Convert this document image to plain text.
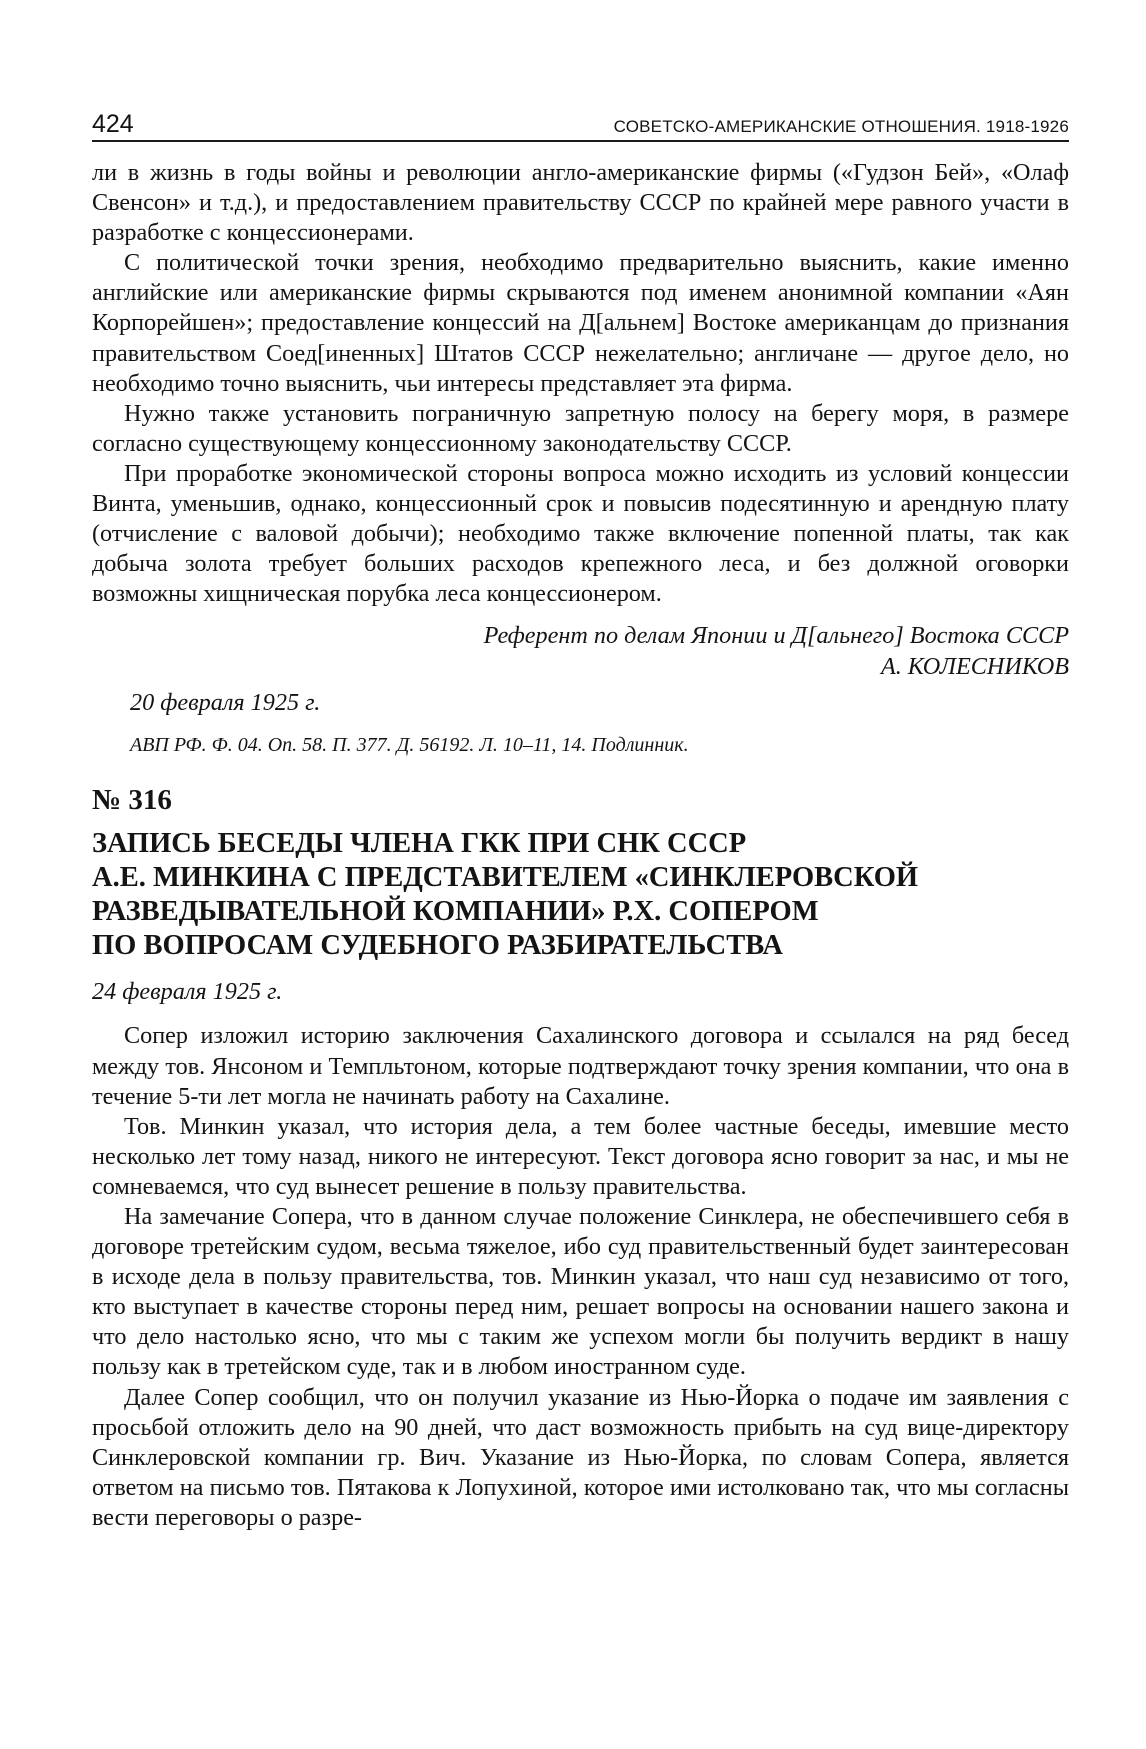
424	СОВЕТСКО-АМЕРИКАНСКИЕ ОТНОШЕНИЯ. 1918-1926

ли в жизнь в годы войны и революции англо-американские фирмы («Гудзон Бей», «Олаф Свенсон» и т.д.), и предоставлением правительству СССР по крайней мере равного участи в разработке с концессионерами.

С политической точки зрения, необходимо предварительно выяснить, какие именно английские или американские фирмы скрываются под именем анонимной компании «Аян Корпорейшен»; предоставление концессий на Д[альнем] Востоке американцам до признания правительством Соед[иненных] Штатов СССР нежелательно; англичане — другое дело, но необходимо точно выяснить, чьи интересы представляет эта фирма.

Нужно также установить пограничную запретную полосу на берегу моря, в размере согласно существующему концессионному законодательству СССР.

При проработке экономической стороны вопроса можно исходить из условий концессии Винта, уменьшив, однако, концессионный срок и повысив подесятинную и арендную плату (отчисление с валовой добычи); необходимо также включение попенной платы, так как добыча золота требует больших расходов крепежного леса, и без должной оговорки возможны хищническая порубка леса концессионером.

Референт по делам Японии и Д[альнего] Востока СССР
А. КОЛЕСНИКОВ
20 февраля 1925 г.
АВП РФ. Ф. 04. Оп. 58. П. 377. Д. 56192. Л. 10–11, 14. Подлинник.
№ 316
ЗАПИСЬ БЕСЕДЫ ЧЛЕНА ГКК ПРИ СНК СССР
А.Е. МИНКИНА С ПРЕДСТАВИТЕЛЕМ «СИНКЛЕРОВСКОЙ
РАЗВЕДЫВАТЕЛЬНОЙ КОМПАНИИ» Р.Х. СОПЕРОМ
ПО ВОПРОСАМ СУДЕБНОГО РАЗБИРАТЕЛЬСТВА
24 февраля 1925 г.

Сопер изложил историю заключения Сахалинского договора и ссылался на ряд бесед между тов. Янсоном и Темпльтоном, которые подтверждают точку зрения компании, что она в течение 5-ти лет могла не начинать работу на Сахалине.

Тов. Минкин указал, что история дела, а тем более частные беседы, имевшие место несколько лет тому назад, никого не интересуют. Текст договора ясно говорит за нас, и мы не сомневаемся, что суд вынесет решение в пользу правительства.

На замечание Сопера, что в данном случае положение Синклера, не обеспечившего себя в договоре третейским судом, весьма тяжелое, ибо суд правительственный будет заинтересован в исходе дела в пользу правительства, тов. Минкин указал, что наш суд независимо от того, кто выступает в качестве стороны перед ним, решает вопросы на основании нашего закона и что дело настолько ясно, что мы с таким же успехом могли бы получить вердикт в нашу пользу как в третейском суде, так и в любом иностранном суде.

Далее Сопер сообщил, что он получил указание из Нью-Йорка о подаче им заявления с просьбой отложить дело на 90 дней, что даст возможность прибыть на суд вице-директору Синклеровской компании гр. Вич. Указание из Нью-Йорка, по словам Сопера, является ответом на письмо тов. Пятакова к Лопухиной, которое ими истолковано так, что мы согласны вести переговоры о разре-
